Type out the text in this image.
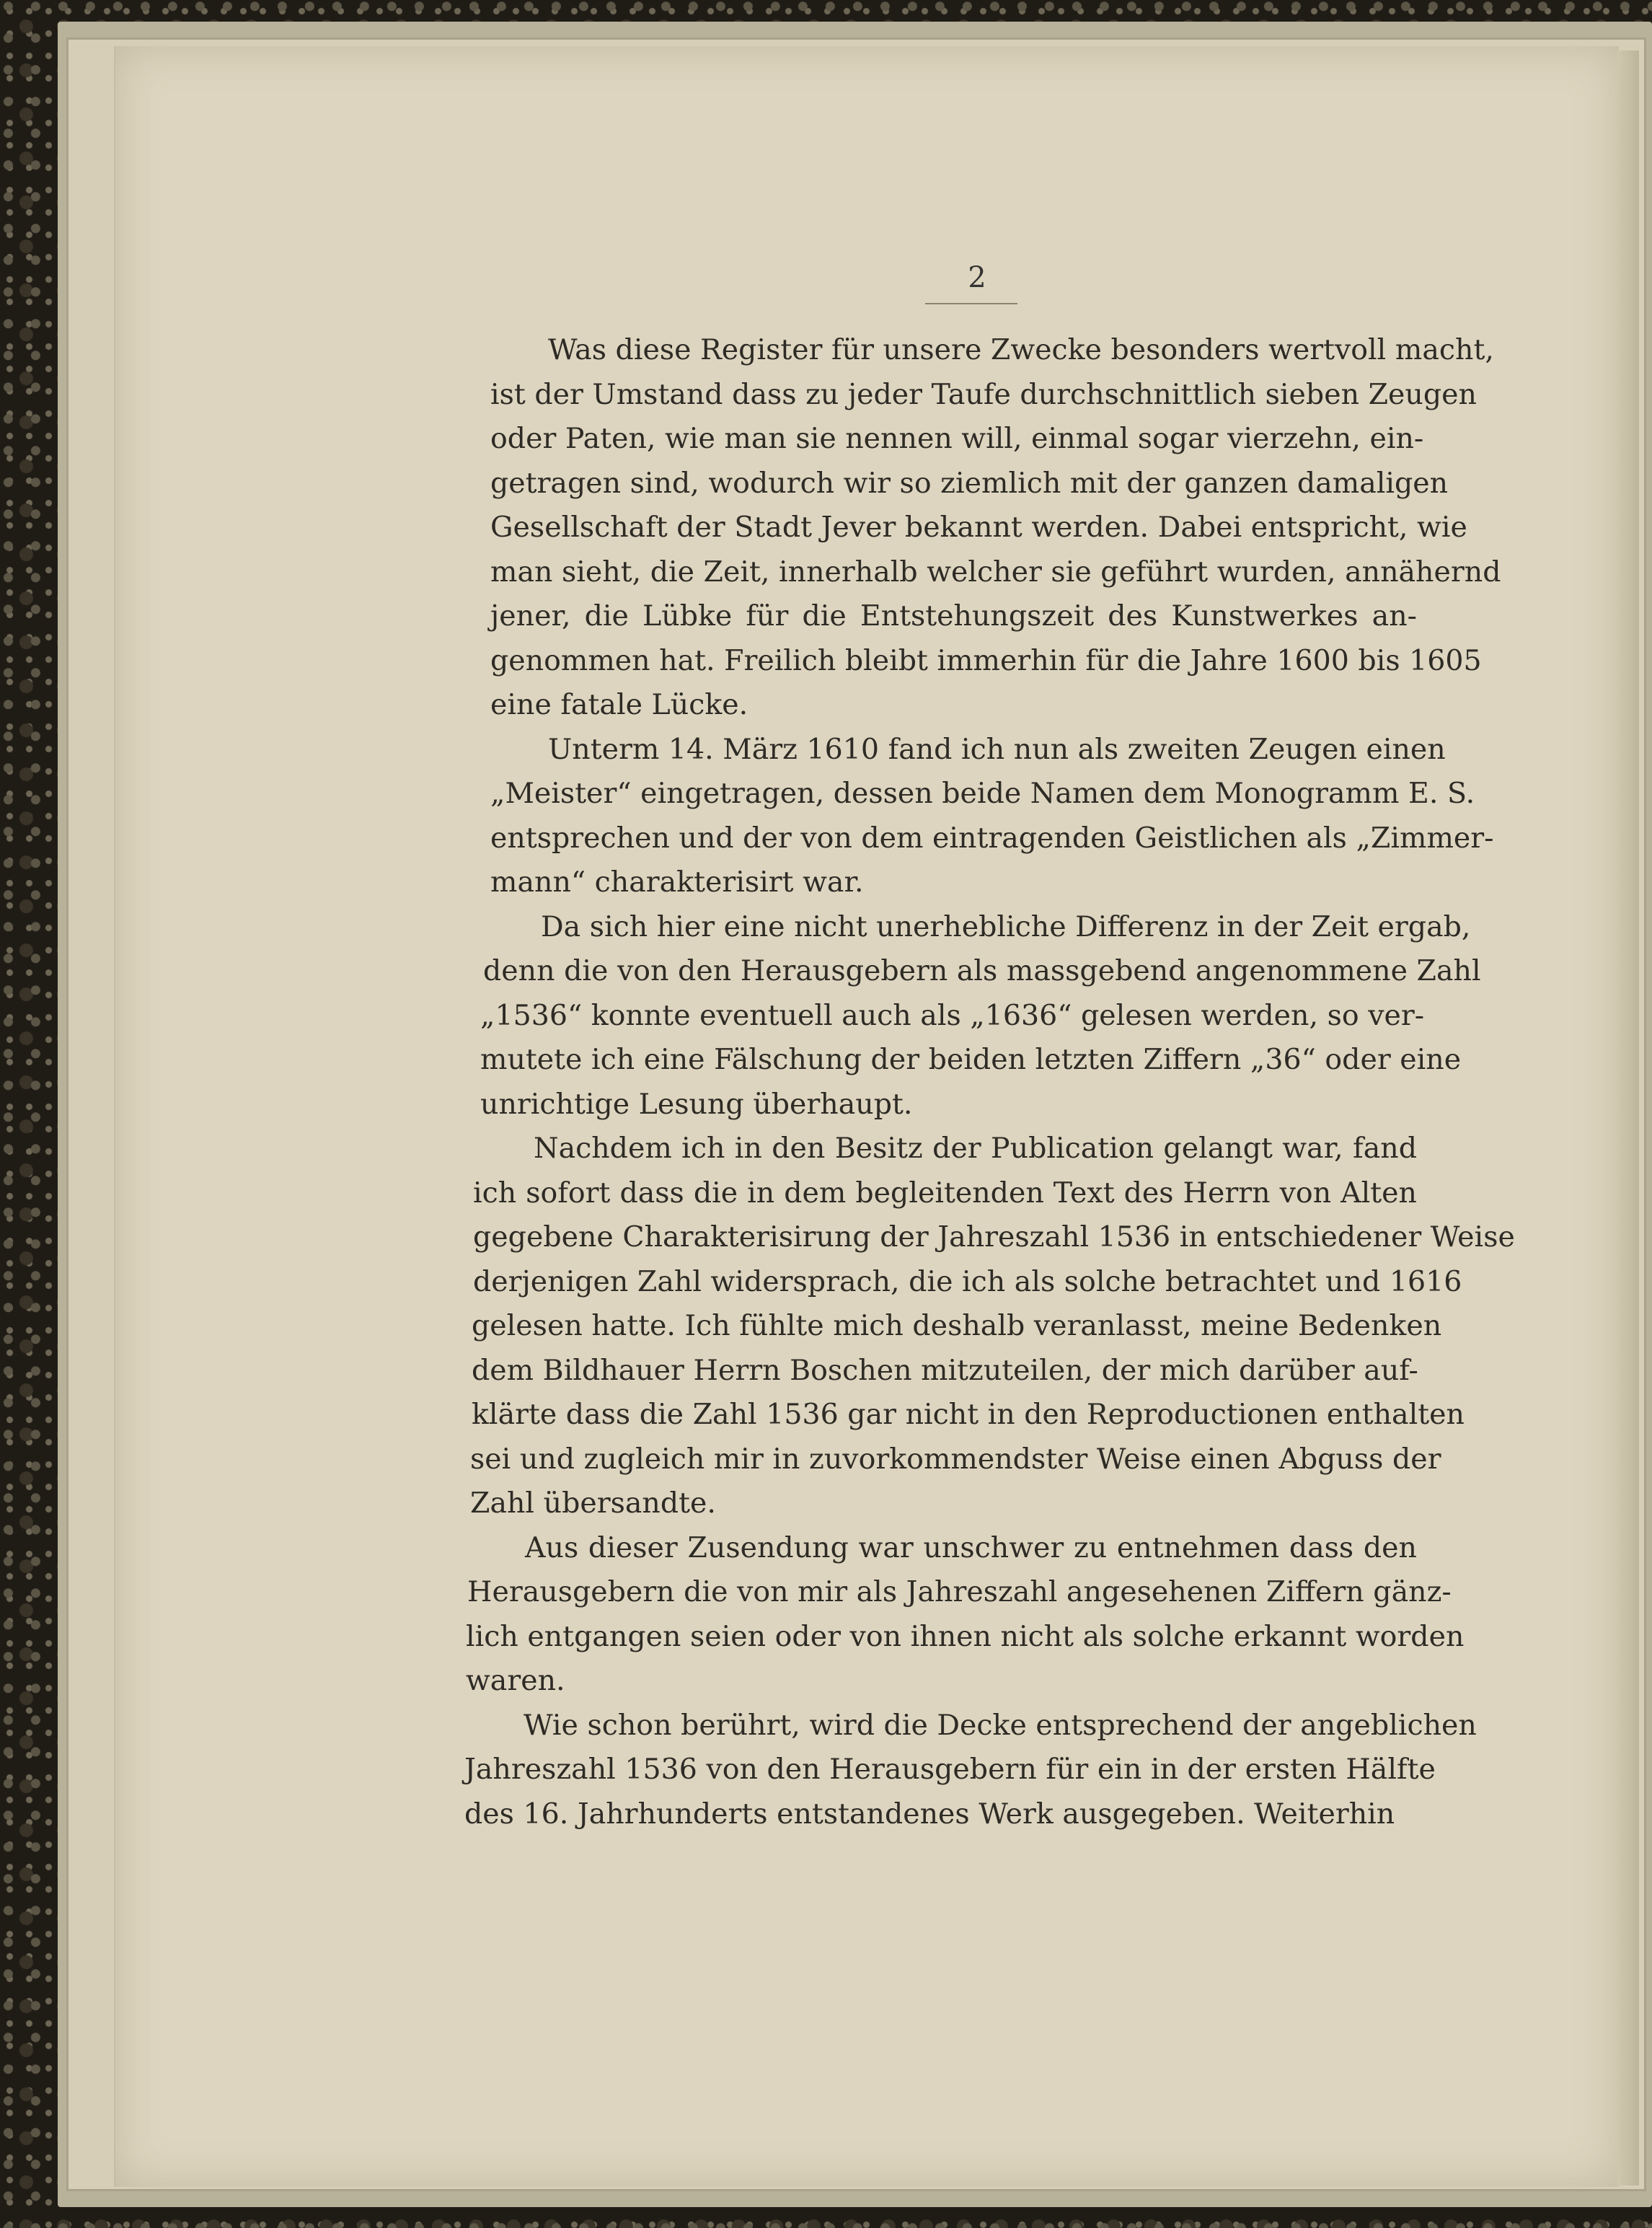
2

Was diese Register für unsere Zwecke besonders wertvoll macht,
ist der Umstand dass zu jeder Taufe durchschnittlich sieben Zeugen
oder Paten, wie man sie nennen will, einmal sogar vierzehn, ein-
getragen sind, wodurch wir so ziemlich mit der ganzen damaligen
Gesellschaft der Stadt Jever bekannt werden. Dabei entspricht, wie
man sieht, die Zeit, innerhalb welcher sie geführt wurden, annähernd
jener, die Lübke für die Entstehungszeit des Kunstwerkes an-
genommen hat. Freilich bleibt immerhin für die Jahre 1600 bis 1605
eine fatale Lücke.

Unterm 14. März 1610 fand ich nun als zweiten Zeugen einen
„Meister“ eingetragen, dessen beide Namen dem Monogramm E. S.
entsprechen und der von dem eintragenden Geistlichen als „Zimmer-
mann“ charakterisirt war.

Da sich hier eine nicht unerhebliche Differenz in der Zeit ergab,
denn die von den Herausgebern als massgebend angenommene Zahl
„1536“ konnte eventuell auch als „1636“ gelesen werden, so ver-
mutete ich eine Fälschung der beiden letzten Ziffern „36“ oder eine
unrichtige Lesung überhaupt.

Nachdem ich in den Besitz der Publication gelangt war, fand
ich sofort dass die in dem begleitenden Text des Herrn von Alten
gegebene Charakterisirung der Jahreszahl 1536 in entschiedener Weise
derjenigen Zahl widersprach, die ich als solche betrachtet und 1616
gelesen hatte. Ich fühlte mich deshalb veranlasst, meine Bedenken
dem Bildhauer Herrn Boschen mitzuteilen, der mich darüber auf-
klärte dass die Zahl 1536 gar nicht in den Reproductionen enthalten
sei und zugleich mir in zuvorkommendster Weise einen Abguss der
Zahl übersandte.

Aus dieser Zusendung war unschwer zu entnehmen dass den
Herausgebern die von mir als Jahreszahl angesehenen Ziffern gänz-
lich entgangen seien oder von ihnen nicht als solche erkannt worden
waren.

Wie schon berührt, wird die Decke entsprechend der angeblichen
Jahreszahl 1536 von den Herausgebern für ein in der ersten Hälfte
des 16. Jahrhunderts entstandenes Werk ausgegeben. Weiterhin
